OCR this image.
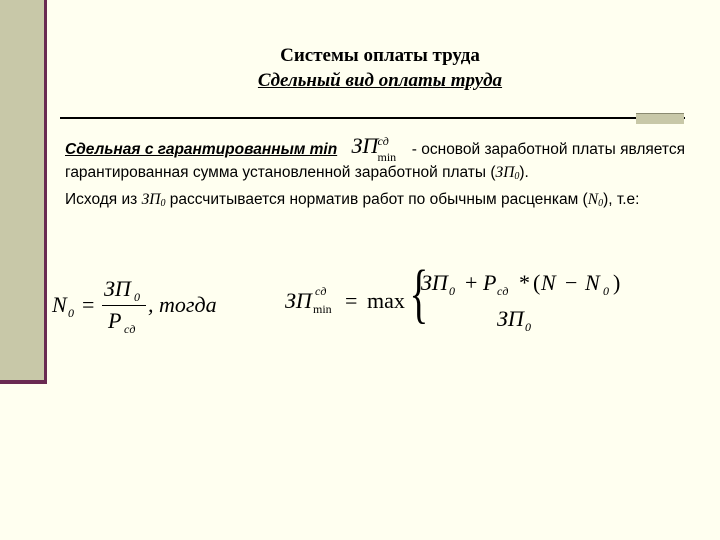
Системы оплаты труда
Сдельный вид оплаты труда
Сдельная с гарантированным min ЗП сд
min - основой заработной платы является гарантированная сумма установленной заработной платы (ЗП0).
Исходя из ЗП0 рассчитывается норматив работ по обычным расценкам (N0), т.е:
N 0 =
ЗП 0
P сд
, тогда	ЗП сд
min = max {
ЗП 0 + P сд * ( N − N 0 )
ЗП 0
